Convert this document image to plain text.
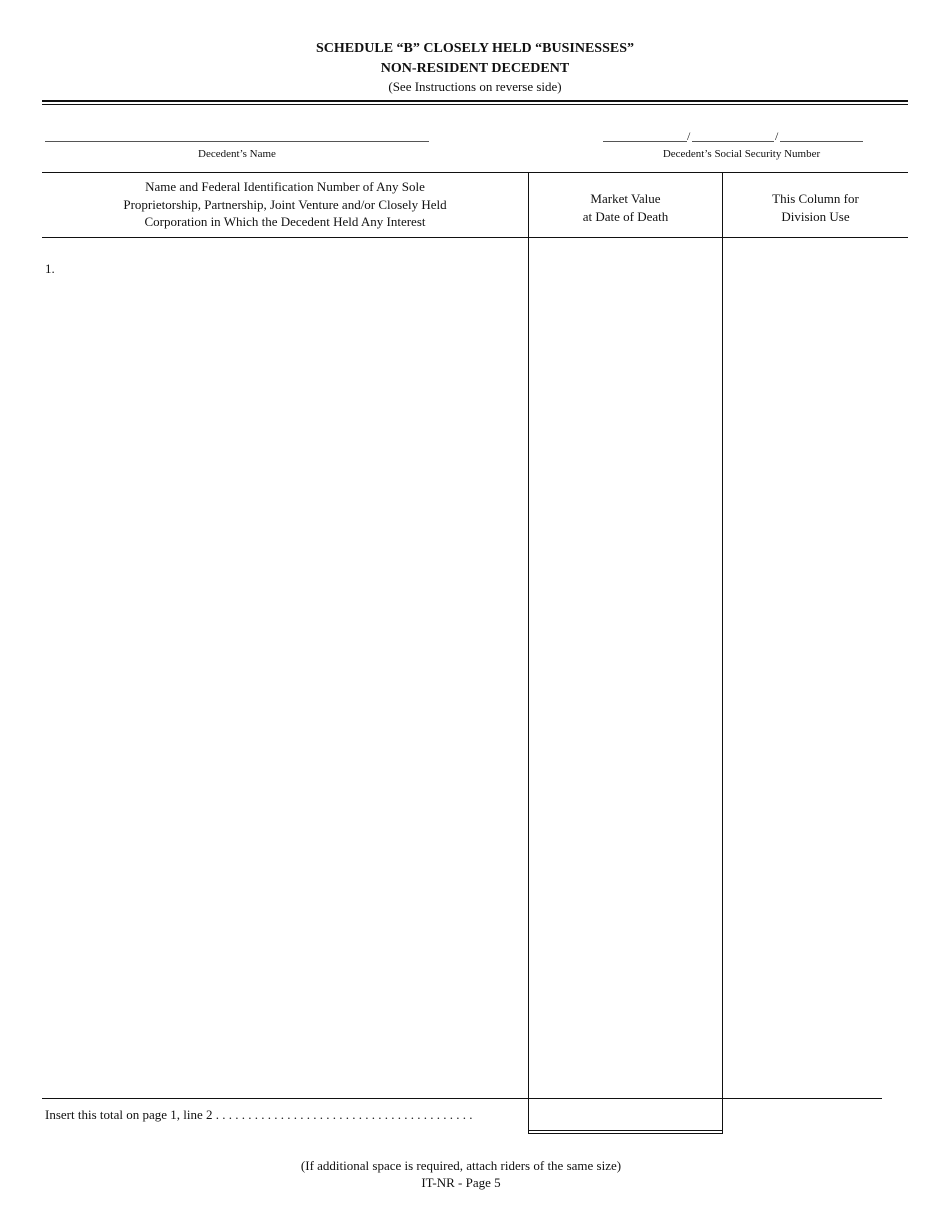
SCHEDULE “B” CLOSELY HELD “BUSINESSES”
NON-RESIDENT DECEDENT
(See Instructions on reverse side)
Decedent’s Name
/	/
Decedent’s Social Security Number
Name and Federal Identification Number of Any Sole
Proprietorship, Partnership, Joint Venture and/or Closely Held
Corporation in Which the Decedent Held Any Interest
Market Value
at Date of Death
This Column for
Division Use
1.
Insert this total on page 1, line 2 . . . . . . . . . . . . . . . . . . . . . . . . . . . . . . . . . . . . . . . .
(If additional space is required, attach riders of the same size)
IT-NR - Page 5
